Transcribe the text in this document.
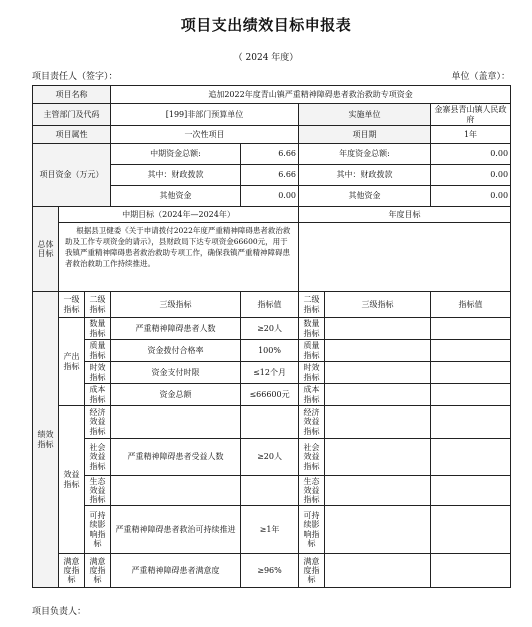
项目支出绩效目标申报表
（ 2024 年度）
项目责任人（签字）：	单位（盖章）：
项目名称			追加2022年度青山镇严重精神障碍患者救治救助专项资金				
主管部门及代码			[199]非部门预算单位		实施单位		金寨县青山镇人民政府
项目属性			一次性项目		项目期		1年
项目资金（万元）			中期资金总额:	6.66	年度资金总额:		0.00
			其中：财政拨款	6.66	其中：财政拨款		0.00
			其他资金	0.00	其他资金		0.00
总体目标	中期目标（2024年—2024年）				年度目标		
	根据县卫健委《关于申请拨付2022年度严重精神障碍患者救治救助及工作专项资金的请示》，县财政局下达专项资金66600元，用于我镇严重精神障碍患者救治救助专项工作，确保我镇严重精神障碍患者救治救助工作持续推进。						
绩效指标	一级指标	二级指标	三级指标	指标值	二级指标	三级指标	指标值
	产出指标	数量指标	严重精神障碍患者人数	≥20人	数量指标		
		质量指标	资金拨付合格率	100%	质量指标		
		时效指标	资金支付时限	≤12个月	时效指标		
		成本指标	资金总额	≤66600元	成本指标		
	效益指标	经济效益指标			经济效益指标		
		社会效益指标	严重精神障碍患者受益人数	≥20人	社会效益指标		
		生态效益指标			生态效益指标		
		可持续影响指标	严重精神障碍患者救治可持续推进	≥1年	可持续影响指标		
	满意度指标	满意度指标	严重精神障碍患者满意度	≥96%	满意度指标		
项目负责人：
